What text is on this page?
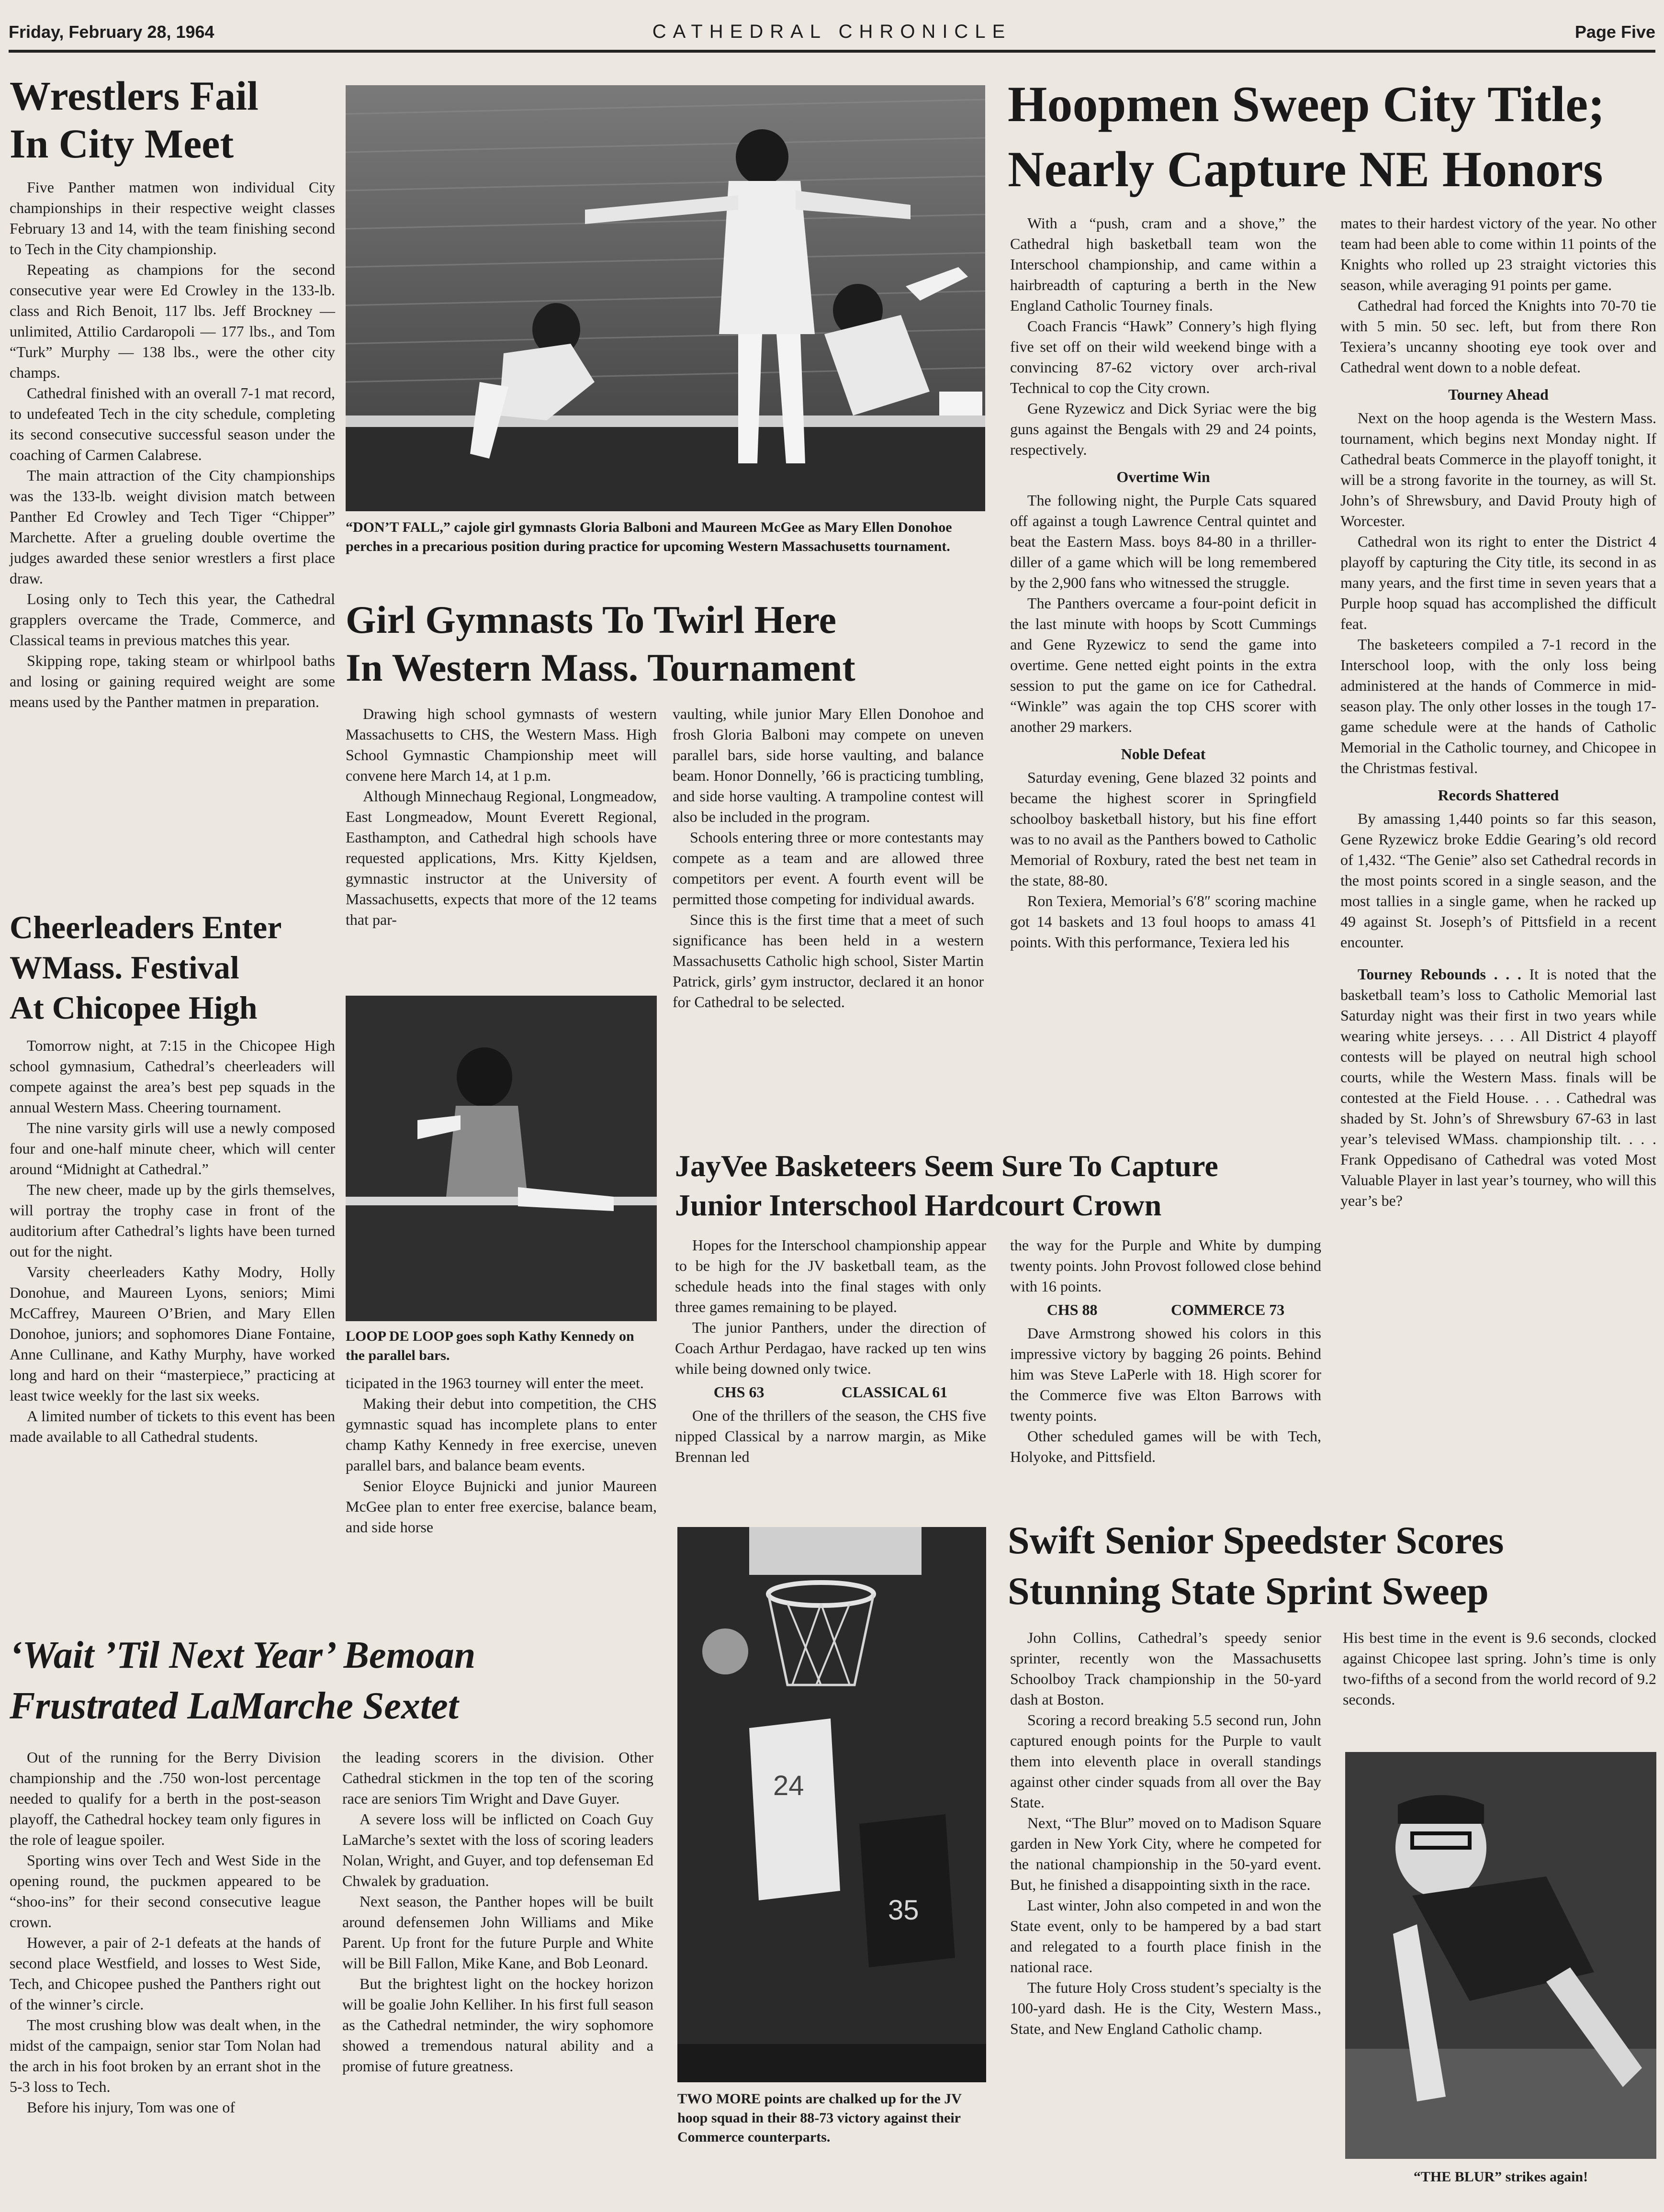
Friday, February 28, 1964	CATHEDRAL CHRONICLE	Page Five
Wrestlers Fail
In City Meet

Five Panther matmen won individual City championships in their respective weight classes February 13 and 14, with the team finishing second to Tech in the City championship.

Repeating as champions for the second consecutive year were Ed Crowley in the 133-lb. class and Rich Benoit, 117 lbs. Jeff Brockney — unlimited, Attilio Cardaropoli — 177 lbs., and Tom “Turk” Murphy — 138 lbs., were the other city champs.

Cathedral finished with an overall 7-1 mat record, to undefeated Tech in the city schedule, completing its second consecutive successful season under the coaching of Carmen Calabrese.

The main attraction of the City championships was the 133-lb. weight division match between Panther Ed Crowley and Tech Tiger “Chipper” Marchette. After a grueling double overtime the judges awarded these senior wrestlers a first place draw.

Losing only to Tech this year, the Cathedral grapplers overcame the Trade, Commerce, and Classical teams in previous matches this year.

Skipping rope, taking steam or whirlpool baths and losing or gaining required weight are some means used by the Panther matmen in preparation.

Cheerleaders Enter
WMass. Festival
At Chicopee High

Tomorrow night, at 7:15 in the Chicopee High school gymnasium, Cathedral’s cheerleaders will compete against the area’s best pep squads in the annual Western Mass. Cheering tournament.

The nine varsity girls will use a newly composed four and one-half minute cheer, which will center around “Midnight at Cathedral.”

The new cheer, made up by the girls themselves, will portray the trophy case in front of the auditorium after Cathedral’s lights have been turned out for the night.

Varsity cheerleaders Kathy Modry, Holly Donohue, and Maureen Lyons, seniors; Mimi McCaffrey, Maureen O’Brien, and Mary Ellen Donohoe, juniors; and sophomores Diane Fontaine, Anne Cullinane, and Kathy Murphy, have worked long and hard on their “masterpiece,” practicing at least twice weekly for the last six weeks.

A limited number of tickets to this event has been made available to all Cathedral students.

“DON’T FALL,” cajole girl gymnasts Gloria Balboni and Maureen McGee as Mary Ellen Donohoe perches in a precarious position during practice for upcoming Western Massachusetts tournament.

Girl Gymnasts To Twirl Here
In Western Mass. Tournament

Drawing high school gymnasts of western Massachusetts to CHS, the Western Mass. High School Gymnastic Championship meet will convene here March 14, at 1 p.m.

Although Minnechaug Regional, Longmeadow, East Longmeadow, Mount Everett Regional, Easthampton, and Cathedral high schools have requested applications, Mrs. Kitty Kjeldsen, gymnastic instructor at the University of Massachusetts, expects that more of the 12 teams that par-

LOOP DE LOOP goes soph Kathy Kennedy on the parallel bars.

ticipated in the 1963 tourney will enter the meet.

Making their debut into competition, the CHS gymnastic squad has incomplete plans to enter champ Kathy Kennedy in free exercise, uneven parallel bars, and balance beam events.

Senior Eloyce Bujnicki and junior Maureen McGee plan to enter free exercise, balance beam, and side horse

vaulting, while junior Mary Ellen Donohoe and frosh Gloria Balboni may compete on uneven parallel bars, side horse vaulting, and balance beam. Honor Donnelly, ’66 is practicing tumbling, and side horse vaulting. A trampoline contest will also be included in the program.

Schools entering three or more contestants may compete as a team and are allowed three competitors per event. A fourth event will be permitted those competing for individual awards.

Since this is the first time that a meet of such significance has been held in a western Massachusetts Catholic high school, Sister Martin Patrick, girls’ gym instructor, declared it an honor for Cathedral to be selected.

Hoopmen Sweep City Title;
Nearly Capture NE Honors

With a “push, cram and a shove,” the Cathedral high basketball team won the Interschool championship, and came within a hairbreadth of capturing a berth in the New England Catholic Tourney finals.

Coach Francis “Hawk” Connery’s high flying five set off on their wild weekend binge with a convincing 87-62 victory over arch-rival Technical to cop the City crown.

Gene Ryzewicz and Dick Syriac were the big guns against the Bengals with 29 and 24 points, respectively.

Overtime Win

The following night, the Purple Cats squared off against a tough Lawrence Central quintet and beat the Eastern Mass. boys 84-80 in a thriller-diller of a game which will be long remembered by the 2,900 fans who witnessed the struggle.

The Panthers overcame a four-point deficit in the last minute with hoops by Scott Cummings and Gene Ryzewicz to send the game into overtime. Gene netted eight points in the extra session to put the game on ice for Cathedral. “Winkle” was again the top CHS scorer with another 29 markers.

Noble Defeat

Saturday evening, Gene blazed 32 points and became the highest scorer in Springfield schoolboy basketball history, but his fine effort was to no avail as the Panthers bowed to Catholic Memorial of Roxbury, rated the best net team in the state, 88-80.

Ron Texiera, Memorial’s 6′8″ scoring machine got 14 baskets and 13 foul hoops to amass 41 points. With this performance, Texiera led his

mates to their hardest victory of the year. No other team had been able to come within 11 points of the Knights who rolled up 23 straight victories this season, while averaging 91 points per game.

Cathedral had forced the Knights into 70-70 tie with 5 min. 50 sec. left, but from there Ron Texiera’s uncanny shooting eye took over and Cathedral went down to a noble defeat.

Tourney Ahead

Next on the hoop agenda is the Western Mass. tournament, which begins next Monday night. If Cathedral beats Commerce in the playoff tonight, it will be a strong favorite in the tourney, as will St. John’s of Shrewsbury, and David Prouty high of Worcester.

Cathedral won its right to enter the District 4 playoff by capturing the City title, its second in as many years, and the first time in seven years that a Purple hoop squad has accomplished the difficult feat.

The basketeers compiled a 7-1 record in the Interschool loop, with the only loss being administered at the hands of Commerce in mid-season play. The only other losses in the tough 17-game schedule were at the hands of Catholic Memorial in the Catholic tourney, and Chicopee in the Christmas festival.

Records Shattered

By amassing 1,440 points so far this season, Gene Ryzewicz broke Eddie Gearing’s old record of 1,432. “The Genie” also set Cathedral records in the most points scored in a single season, and the most tallies in a single game, when he racked up 49 against St. Joseph’s of Pittsfield in a recent encounter.

Tourney Rebounds . . . It is noted that the basketball team’s loss to Catholic Memorial last Saturday night was their first in two years while wearing white jerseys. . . . All District 4 playoff contests will be played on neutral high school courts, while the Western Mass. finals will be contested at the Field House. . . . Cathedral was shaded by St. John’s of Shrewsbury 67-63 in last year’s televised WMass. championship tilt. . . . Frank Oppedisano of Cathedral was voted Most Valuable Player in last year’s tourney, who will this year’s be?

JayVee Basketeers Seem Sure To Capture
Junior Interschool Hardcourt Crown

Hopes for the Interschool championship appear to be high for the JV basketball team, as the schedule heads into the final stages with only three games remaining to be played.

The junior Panthers, under the direction of Coach Arthur Perdagao, have racked up ten wins while being downed only twice.

CHS 63	CLASSICAL 61

One of the thrillers of the season, the CHS five nipped Classical by a narrow margin, as Mike Brennan led

the way for the Purple and White by dumping twenty points. John Provost followed close behind with 16 points.

CHS 88	COMMERCE 73

Dave Armstrong showed his colors in this impressive victory by bagging 26 points. Behind him was Steve LaPerle with 18. High scorer for the Commerce five was Elton Barrows with twenty points.

Other scheduled games will be with Tech, Holyoke, and Pittsfield.

24
35

TWO MORE points are chalked up for the JV hoop squad in their 88-73 victory against their Commerce counterparts.

‘Wait ’Til Next Year’ Bemoan
Frustrated LaMarche Sextet

Out of the running for the Berry Division championship and the .750 won-lost percentage needed to qualify for a berth in the post-season playoff, the Cathedral hockey team only figures in the role of league spoiler.

Sporting wins over Tech and West Side in the opening round, the puckmen appeared to be “shoo-ins” for their second consecutive league crown.

However, a pair of 2-1 defeats at the hands of second place Westfield, and losses to West Side, Tech, and Chicopee pushed the Panthers right out of the winner’s circle.

The most crushing blow was dealt when, in the midst of the campaign, senior star Tom Nolan had the arch in his foot broken by an errant shot in the 5-3 loss to Tech.

Before his injury, Tom was one of

the leading scorers in the division. Other Cathedral stickmen in the top ten of the scoring race are seniors Tim Wright and Dave Guyer.

A severe loss will be inflicted on Coach Guy LaMarche’s sextet with the loss of scoring leaders Nolan, Wright, and Guyer, and top defenseman Ed Chwalek by graduation.

Next season, the Panther hopes will be built around defensemen John Williams and Mike Parent. Up front for the future Purple and White will be Bill Fallon, Mike Kane, and Bob Leonard.

But the brightest light on the hockey horizon will be goalie John Kelliher. In his first full season as the Cathedral netminder, the wiry sophomore showed a tremendous natural ability and a promise of future greatness.

Swift Senior Speedster Scores
Stunning State Sprint Sweep

John Collins, Cathedral’s speedy senior sprinter, recently won the Massachusetts Schoolboy Track championship in the 50-yard dash at Boston.

Scoring a record breaking 5.5 second run, John captured enough points for the Purple to vault them into eleventh place in overall standings against other cinder squads from all over the Bay State.

Next, “The Blur” moved on to Madison Square garden in New York City, where he competed for the national championship in the 50-yard event. But, he finished a disappointing sixth in the race.

Last winter, John also competed in and won the State event, only to be hampered by a bad start and relegated to a fourth place finish in the national race.

The future Holy Cross student’s specialty is the 100-yard dash. He is the City, Western Mass., State, and New England Catholic champ.

His best time in the event is 9.6 seconds, clocked against Chicopee last spring. John’s time is only two-fifths of a second from the world record of 9.2 seconds.

“THE BLUR” strikes again!
